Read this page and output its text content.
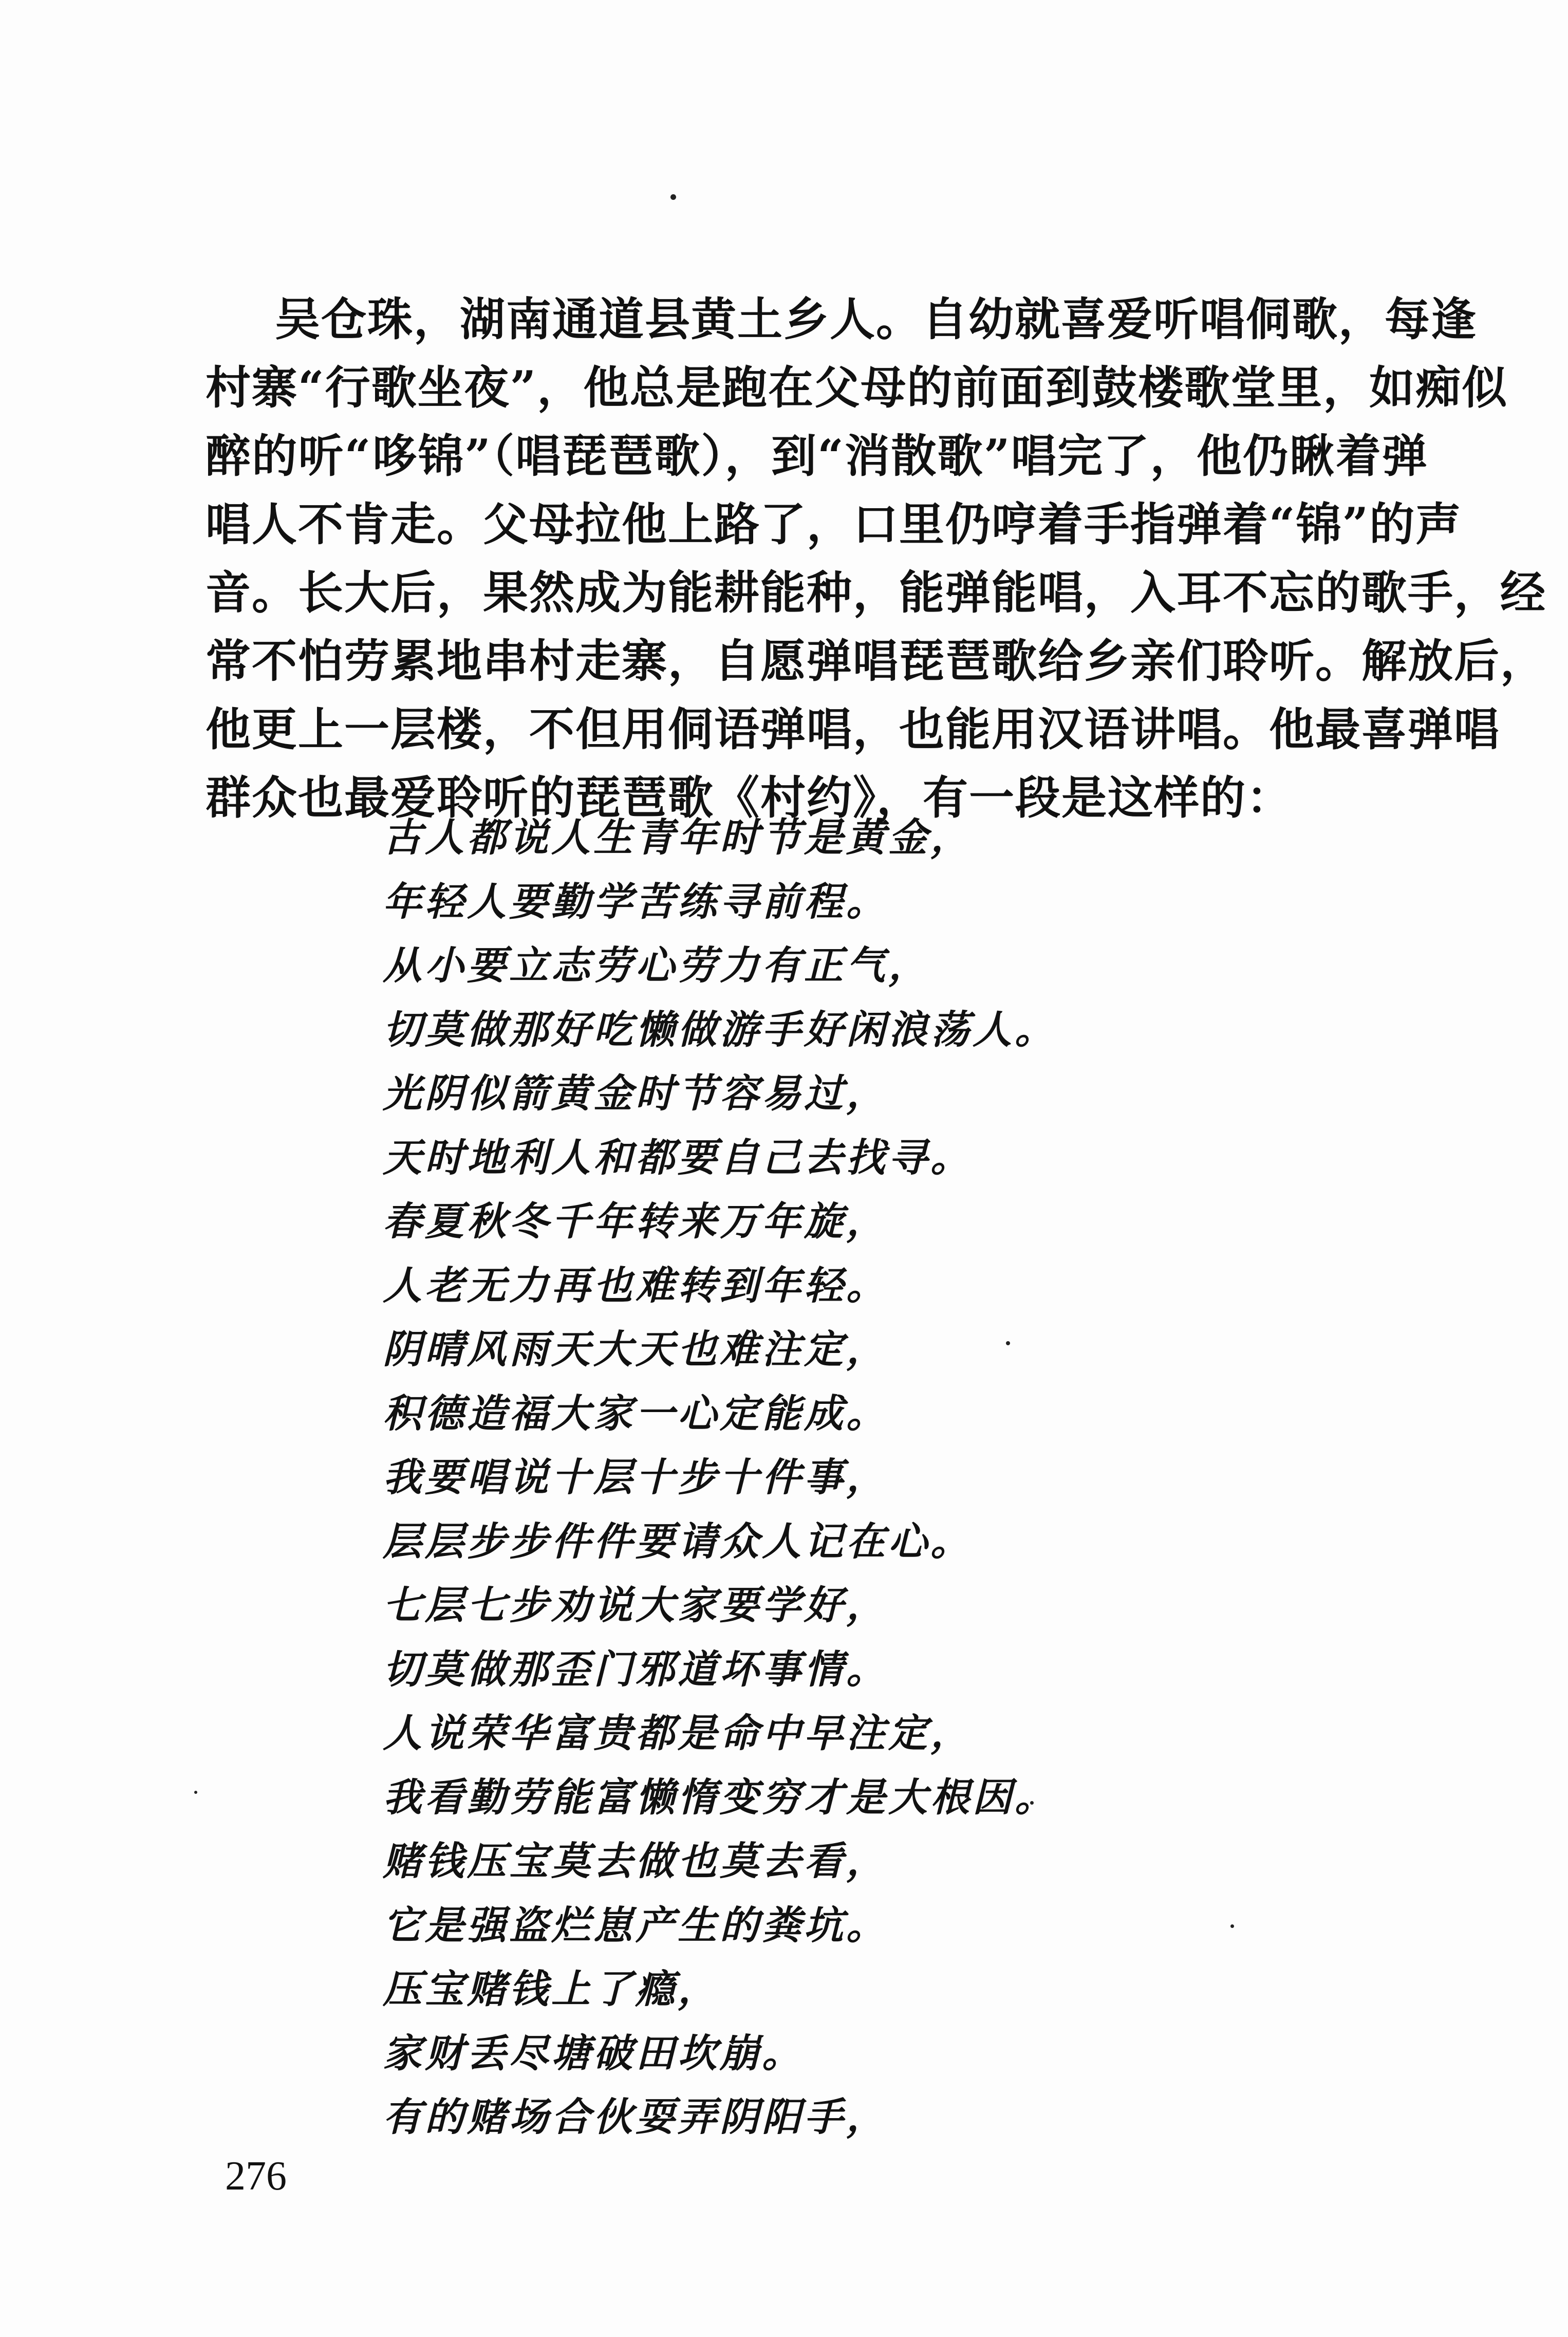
吴仓珠，湖南通道县黄土乡人。自幼就喜爱听唱侗歌，每逢
村寨“行歌坐夜”，他总是跑在父母的前面到鼓楼歌堂里，如痴似
醉的听“哆锦”（唱琵琶歌），到“消散歌”唱完了，他仍瞅着弹
唱人不肯走。父母拉他上路了，口里仍哼着手指弹着“锦”的声
音。长大后，果然成为能耕能种，能弹能唱，入耳不忘的歌手，经
常不怕劳累地串村走寨，自愿弹唱琵琶歌给乡亲们聆听。解放后，
他更上一层楼，不但用侗语弹唱，也能用汉语讲唱。他最喜弹唱
群众也最爱聆听的琵琶歌《村约》，有一段是这样的：
古人都说人生青年时节是黄金，
年轻人要勤学苦练寻前程。
从小要立志劳心劳力有正气，
切莫做那好吃懒做游手好闲浪荡人。
光阴似箭黄金时节容易过，
天时地利人和都要自己去找寻。
春夏秋冬千年转来万年旋，
人老无力再也难转到年轻。
阴晴风雨天大天也难注定，
积德造福大家一心定能成。
我要唱说十层十步十件事，
层层步步件件要请众人记在心。
七层七步劝说大家要学好，
切莫做那歪门邪道坏事情。
人说荣华富贵都是命中早注定，
我看勤劳能富懒惰变穷才是大根因。
赌钱压宝莫去做也莫去看，
它是强盗烂崽产生的粪坑。
压宝赌钱上了瘾，
家财丢尽塘破田坎崩。
有的赌场合伙耍弄阴阳手，
276
